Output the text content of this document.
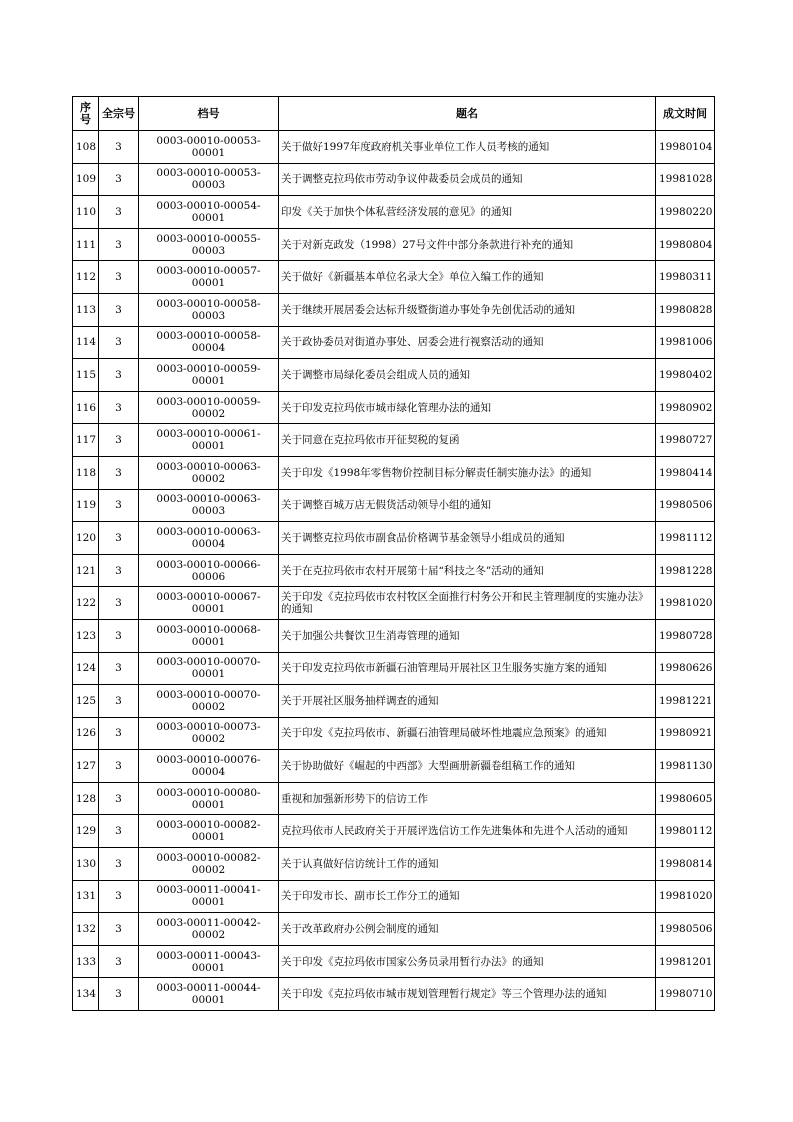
序
号	全宗号	档号	题名	成文时间
108	3	0003-00010-00053-00001	关于做好1997年度政府机关事业单位工作人员考核的通知	19980104
109	3	0003-00010-00053-00003	关于调整克拉玛依市劳动争议仲裁委员会成员的通知	19981028
110	3	0003-00010-00054-00001	印发《关于加快个体私营经济发展的意见》的通知	19980220
111	3	0003-00010-00055-00003	关于对新克政发（1998）27号文件中部分条款进行补充的通知	19980804
112	3	0003-00010-00057-00001	关于做好《新疆基本单位名录大全》单位入编工作的通知	19980311
113	3	0003-00010-00058-00003	关于继续开展居委会达标升级暨街道办事处争先创优活动的通知	19980828
114	3	0003-00010-00058-00004	关于政协委员对街道办事处、居委会进行视察活动的通知	19981006
115	3	0003-00010-00059-00001	关于调整市局绿化委员会组成人员的通知	19980402
116	3	0003-00010-00059-00002	关于印发克拉玛依市城市绿化管理办法的通知	19980902
117	3	0003-00010-00061-00001	关于同意在克拉玛依市开征契税的复函	19980727
118	3	0003-00010-00063-00002	关于印发《1998年零售物价控制目标分解责任制实施办法》的通知	19980414
119	3	0003-00010-00063-00003	关于调整百城万店无假货活动领导小组的通知	19980506
120	3	0003-00010-00063-00004	关于调整克拉玛依市副食品价格调节基金领导小组成员的通知	19981112
121	3	0003-00010-00066-00006	关于在克拉玛依市农村开展第十届“科技之冬”活动的通知	19981228
122	3	0003-00010-00067-00001	关于印发《克拉玛依市农村牧区全面推行村务公开和民主管理制度的实施办法》的通知	19981020
123	3	0003-00010-00068-00001	关于加强公共餐饮卫生消毒管理的通知	19980728
124	3	0003-00010-00070-00001	关于印发克拉玛依市新疆石油管理局开展社区卫生服务实施方案的通知	19980626
125	3	0003-00010-00070-00002	关于开展社区服务抽样调查的通知	19981221
126	3	0003-00010-00073-00002	关于印发《克拉玛依市、新疆石油管理局破坏性地震应急预案》的通知	19980921
127	3	0003-00010-00076-00004	关于协助做好《崛起的中西部》大型画册新疆卷组稿工作的通知	19981130
128	3	0003-00010-00080-00001	重视和加强新形势下的信访工作	19980605
129	3	0003-00010-00082-00001	克拉玛依市人民政府关于开展评选信访工作先进集体和先进个人活动的通知	19980112
130	3	0003-00010-00082-00002	关于认真做好信访统计工作的通知	19980814
131	3	0003-00011-00041-00001	关于印发市长、副市长工作分工的通知	19981020
132	3	0003-00011-00042-00002	关于改革政府办公例会制度的通知	19980506
133	3	0003-00011-00043-00001	关于印发《克拉玛依市国家公务员录用暂行办法》的通知	19981201
134	3	0003-00011-00044-00001	关于印发《克拉玛依市城市规划管理暂行规定》等三个管理办法的通知	19980710
